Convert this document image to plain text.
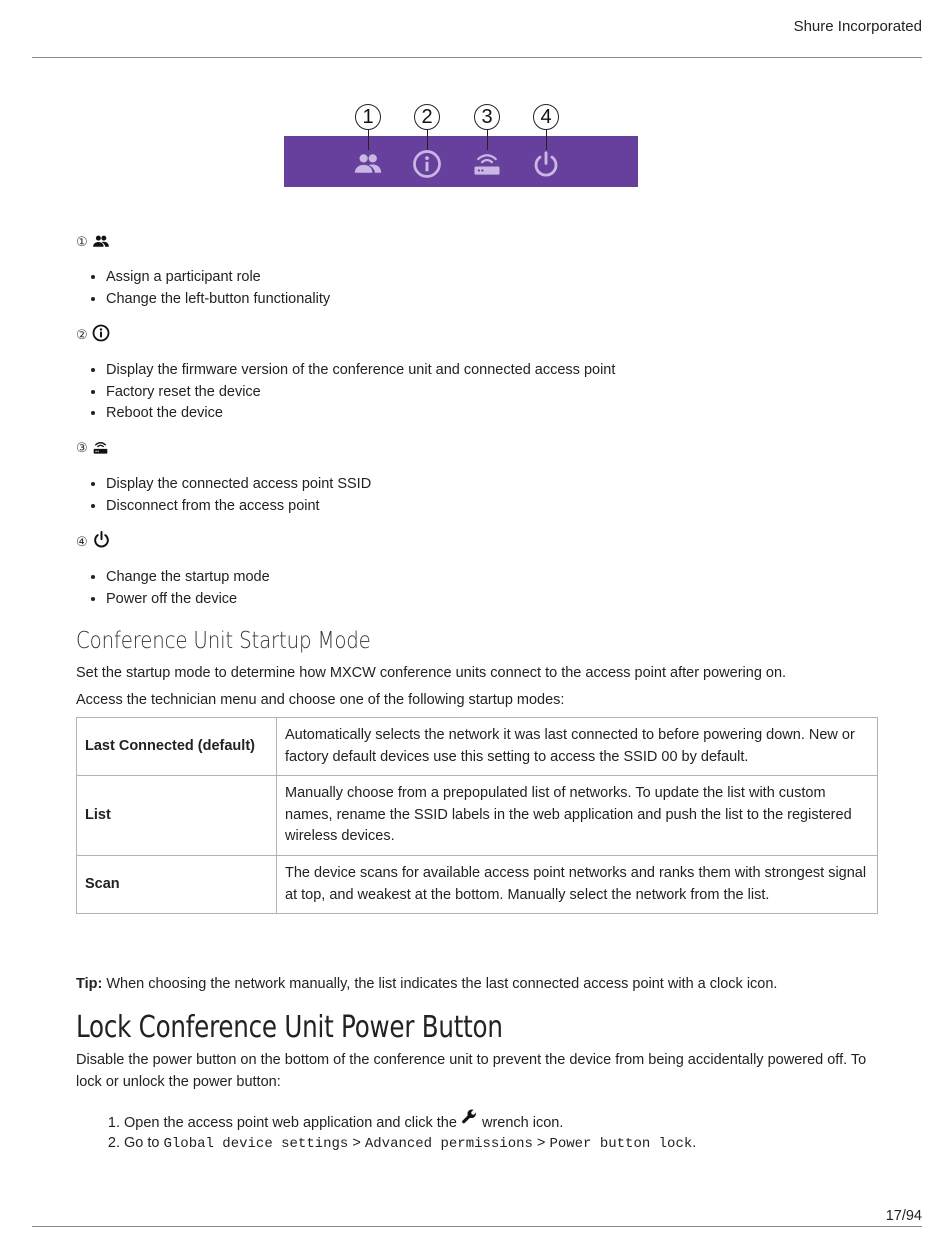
Shure Incorporated
1	2	3	4
①
• Assign a participant role
• Change the left-button functionality
②
• Display the firmware version of the conference unit and connected access point
• Factory reset the device
• Reboot the device
③
• Display the connected access point SSID
• Disconnect from the access point
④
• Change the startup mode
• Power off the device
Conference Unit Startup Mode

Set the startup mode to determine how MXCW conference units connect to the access point after powering on.

Access the technician menu and choose one of the following startup modes:

Last Connected (default)	Automatically selects the network it was last connected to before powering down. New or factory default devices use this setting to access the SSID 00 by default.
List	Manually choose from a prepopulated list of networks. To update the list with custom names, rename the SSID labels in the web application and push the list to the registered wireless devices.
Scan	The device scans for available access point networks and ranks them with strongest signal at top, and weakest at the bottom. Manually select the network from the list.

Tip: When choosing the network manually, the list indicates the last connected access point with a clock icon.

Lock Conference Unit Power Button

Disable the power button on the bottom of the conference unit to prevent the device from being accidentally powered off. To lock or unlock the power button:

1. Open the access point web application and click the  wrench icon.
2. Go to Global device settings > Advanced permissions > Power button lock.
17/94
